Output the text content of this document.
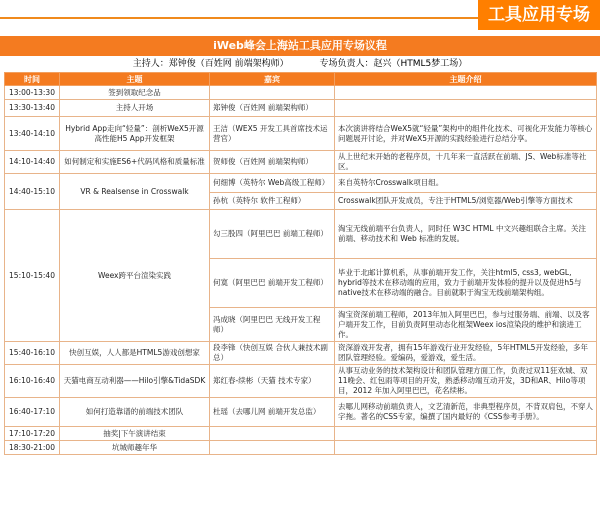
工具应用专场
iWeb峰会上海站工具应用专场议程
主持人：郑钟俊（百姓网 前端架构师）	专场负责人：赵兴（HTML5梦工场）
时间	主题	嘉宾	主题介绍
13:00-13:30	签到领取纪念品		
13:30-13:40	主持人开场	郑钟俊（百姓网 前端架构师）	
13:40-14:10	Hybrid App走向“轻量”：剖析WeX5开源高性能H5 App开发框架	王洁（WEX5 开发工具首席技术运营官）	本次演讲将结合WeX5就“轻量”架构中的组件化技术、可视化开发能力等核心问题展开讨论，并对WeX5开源的实践经验进行总结分享。
14:10-14:40	如何制定和实施ES6+代码风格和质量标准	贺师俊（百姓网 前端架构师）	从上世纪末开始的老程序员，十几年来一直活跃在前端、JS、Web标准等社区。
14:40-15:10	VR & Realsense in Crosswalk	何细博（英特尔 Web高级工程师）	来自英特尔Crosswalk项目组。
		孙杭（英特尔 软件工程师）	Crosswalk团队开发成员，专注于HTML5/浏览器/Web引擎等方面技术
15:10-15:40	Weex跨平台渲染实践	勾三股四（阿里巴巴 前端工程师）	淘宝无线前端平台负责人，同时任 W3C HTML 中文兴趣组联合主席。关注前端、移动技术和 Web 标准的发展。
		何寞（阿里巴巴 前端开发工程师）	毕业于北邮计算机系，从事前端开发工作，关注html5, css3, webGL, hybrid等技术在移动端的应用，致力于前端开发体验的提升以及促进h5与native技术在移动端的融合。目前就职于淘宝无线前端架构组。
		冯成晓（阿里巴巴 无线开发工程师）	淘宝资深前端工程师，2013年加入阿里巴巴，参与过服务端、前端、以及客户端开发工作，目前负责阿里动态化框架Weex ios渲染段的维护和演进工作。
15:40-16:10	快创互娱，人人都是HTML5游戏创想家	段李锋（快创互娱 合伙人兼技术副总）	资深游戏开发者，拥有15年游戏行业开发经验，5年HTML5开发经验，多年团队管理经验。爱编码，爱游戏，爱生活。
16:10-16:40	天猫电商互动利器——Hilo引擎&TidaSDK	郑红春-续彬（天猫 技术专家）	从事互动业务的技术架构设计和团队管理方面工作，负责过双11狂欢城、双11晚会、红包雨等项目的开发，熟悉移动端互动开发，3D和AR、Hilo等项目，2012 年加入阿里巴巴，花名续彬。
16:40-17:10	如何打造靠谱的前端技术团队	杜瑶（去哪儿网 前端开发总监）	去哪儿网移动前端负责人，文艺清新范，非典型程序员，不背双肩包，不穿人字拖。著名的CSS专家，编撰了国内最好的《CSS参考手册》。
17:10-17:20	抽奖|下午演讲结束		
18:30-21:00	坑城师趣年华		
